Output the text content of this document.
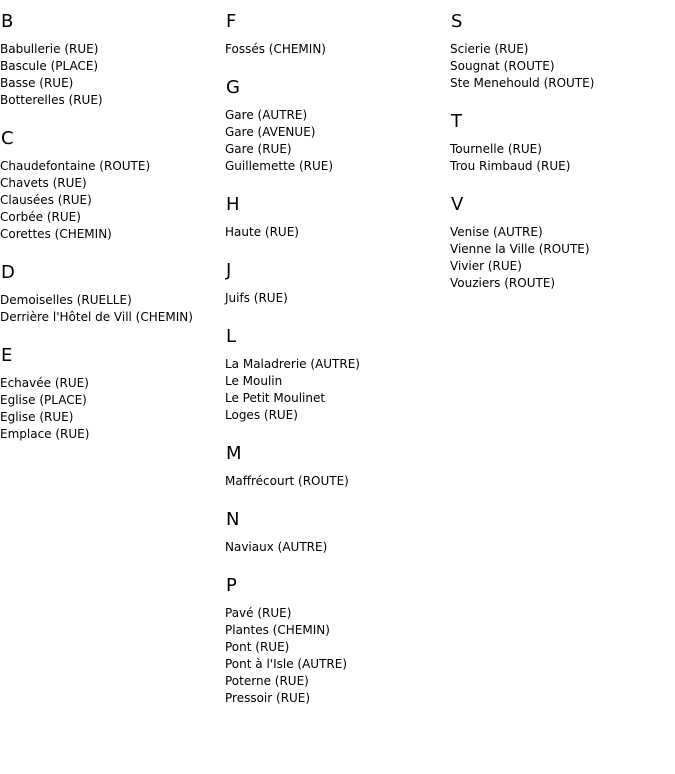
B
Babullerie (RUE)
Bascule (PLACE)
Basse (RUE)
Botterelles (RUE)
C
Chaudefontaine (ROUTE)
Chavets (RUE)
Clausées (RUE)
Corbée (RUE)
Corettes (CHEMIN)
D
Demoiselles (RUELLE)
Derrière l'Hôtel de Vill (CHEMIN)
E
Echavée (RUE)
Eglise (PLACE)
Eglise (RUE)
Emplace (RUE)
F
Fossés (CHEMIN)
G
Gare (AUTRE)
Gare (AVENUE)
Gare (RUE)
Guillemette (RUE)
H
Haute (RUE)
J
Juifs (RUE)
L
La Maladrerie (AUTRE)
Le Moulin
Le Petit Moulinet
Loges (RUE)
M
Maffrécourt (ROUTE)
N
Naviaux (AUTRE)
P
Pavé (RUE)
Plantes (CHEMIN)
Pont (RUE)
Pont à l'Isle (AUTRE)
Poterne (RUE)
Pressoir (RUE)
S
Scierie (RUE)
Sougnat (ROUTE)
Ste Menehould (ROUTE)
T
Tournelle (RUE)
Trou Rimbaud (RUE)
V
Venise (AUTRE)
Vienne la Ville (ROUTE)
Vivier (RUE)
Vouziers (ROUTE)
